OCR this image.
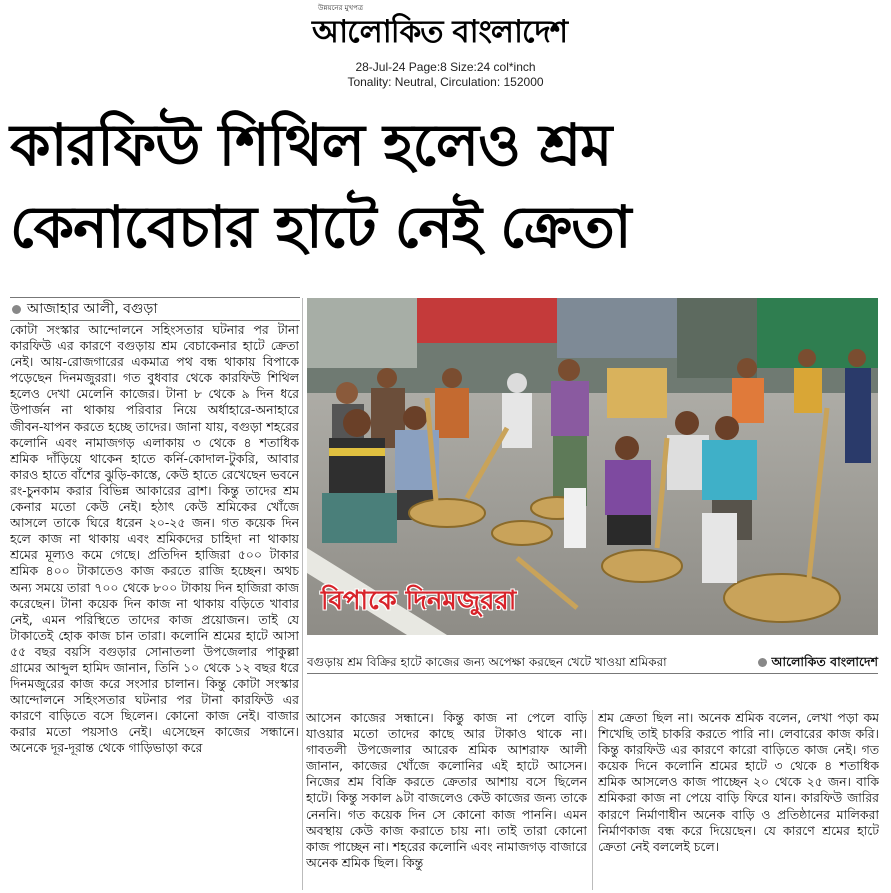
উন্নয়নের মুখপত্র
আলোকিত বাংলাদেশ
28-Jul-24 Page:8 Size:24 col*inch
Tonality: Neutral, Circulation: 152000
কারফিউ শিথিল হলেও শ্রম
কেনাবেচার হাটে নেই ক্রেতা
আজাহার আলী, বগুড়া
কোটা সংস্কার আন্দোলনে সহিংসতার ঘটনার পর টানা কারফিউ এর কারণে বগুড়ায় শ্রম বেচাকেনার হাটে ক্রেতা নেই। আয়-রোজগারের একমাত্র পথ বন্ধ থাকায় বিপাকে পড়েছেন দিনমজুররা। গত বুধবার থেকে কারফিউ শিথিল হলেও দেখা মেলেনি কাজের। টানা ৮ থেকে ৯ দিন ধরে উপার্জন না থাকায় পরিবার নিয়ে অর্ধাহারে-অনাহারে জীবন-যাপন করতে হচ্ছে তাদের। জানা যায়, বগুড়া শহরের কলোনি এবং নামাজগড় এলাকায় ৩ থেকে ৪ শতাধিক শ্রমিক দাঁড়িয়ে থাকেন হাতে কর্নি-কোদাল-টুকরি, আবার কারও হাতে বাঁশের ঝুড়ি-কাস্তে, কেউ হাতে রেখেছেন ভবনে রং-চুনকাম করার বিভিন্ন আকারের ব্রাশ। কিন্তু তাদের শ্রম কেনার মতো কেউ নেই। হঠাৎ কেউ শ্রমিকের খোঁজে আসলে তাকে ঘিরে ধরেন ২০-২৫ জন। গত কয়েক দিন হলে কাজ না থাকায় এবং শ্রমিকদের চাহিদা না থাকায় শ্রমের মূল্যও কমে গেছে। প্রতিদিন হাজিরা ৫০০ টাকার শ্রমিক ৪০০ টাকাতেও কাজ করতে রাজি হচ্ছেন। অথচ অন্য সময়ে তারা ৭০০ থেকে ৮০০ টাকায় দিন হাজিরা কাজ করেছেন। টানা কয়েক দিন কাজ না থাকায় বড়িতে খাবার নেই, এমন পরিস্থিতে তাদের কাজ প্রয়োজন। তাই যে টাকাতেই হোক কাজ চান তারা। কলোনি শ্রমের হাটে আসা ৫৫ বছর বয়সি বগুড়ার সোনাতলা উপজেলার পাকুল্লা গ্রামের আব্দুল হামিদ জানান, তিনি ১০ থেকে ১২ বছর ধরে দিনমজুরের কাজ করে সংসার চালান। কিন্তু কোটা সংস্কার আন্দোলনে সহিংসতার ঘটনার পর টানা কারফিউ এর কারণে বাড়িতে বসে ছিলেন। কোনো কাজ নেই। বাজার করার মতো পয়সাও নেই। এসেছেন কাজের সন্ধানে। অনেকে দূর-দূরান্ত থেকে গাড়িভাড়া করে
বিপাকে দিনমজুররা
বগুড়ায় শ্রম বিক্রির হাটে কাজের জন্য অপেক্ষা করছেন খেটে খাওয়া শ্রমিকরা	আলোকিত বাংলাদেশ
আসেন কাজের সন্ধানে। কিন্তু কাজ না পেলে বাড়ি যাওয়ার মতো তাদের কাছে আর টাকাও থাকে না। গাবতলী উপজেলার আরেক শ্রমিক আশরাফ আলী জানান, কাজের খোঁজে কলোনির এই হাটে আসেন। নিজের শ্রম বিক্রি করতে ক্রেতার আশায় বসে ছিলেন হাটে। কিন্তু সকাল ৯টা বাজলেও কেউ কাজের জন্য তাকে নেননি। গত কয়েক দিন সে কোনো কাজ পাননি। এমন অবস্থায় কেউ কাজ করাতে চায় না। তাই তারা কোনো কাজ পাচ্ছেন না। শহরের কলোনি এবং নামাজগড় বাজারে অনেক শ্রমিক ছিল। কিন্তু
শ্রম ক্রেতা ছিল না। অনেক শ্রমিক বলেন, লেখা পড়া কম শিখেছি তাই চাকরি করতে পারি না। লেবারের কাজ করি। কিন্তু কারফিউ এর কারণে কারো বাড়িতে কাজ নেই। গত কয়েক দিনে কলোনি শ্রমের হাটে ৩ থেকে ৪ শতাধিক শ্রমিক আসলেও কাজ পাচ্ছেন ২০ থেকে ২৫ জন। বাকি শ্রমিকরা কাজ না পেয়ে বাড়ি ফিরে যান। কারফিউ জারির কারণে নির্মাণাধীন অনেক বাড়ি ও প্রতিষ্ঠানের মালিকরা নির্মাণকাজ বন্ধ করে দিয়েছেন। যে কারণে শ্রমের হাটে ক্রেতা নেই বললেই চলে।
